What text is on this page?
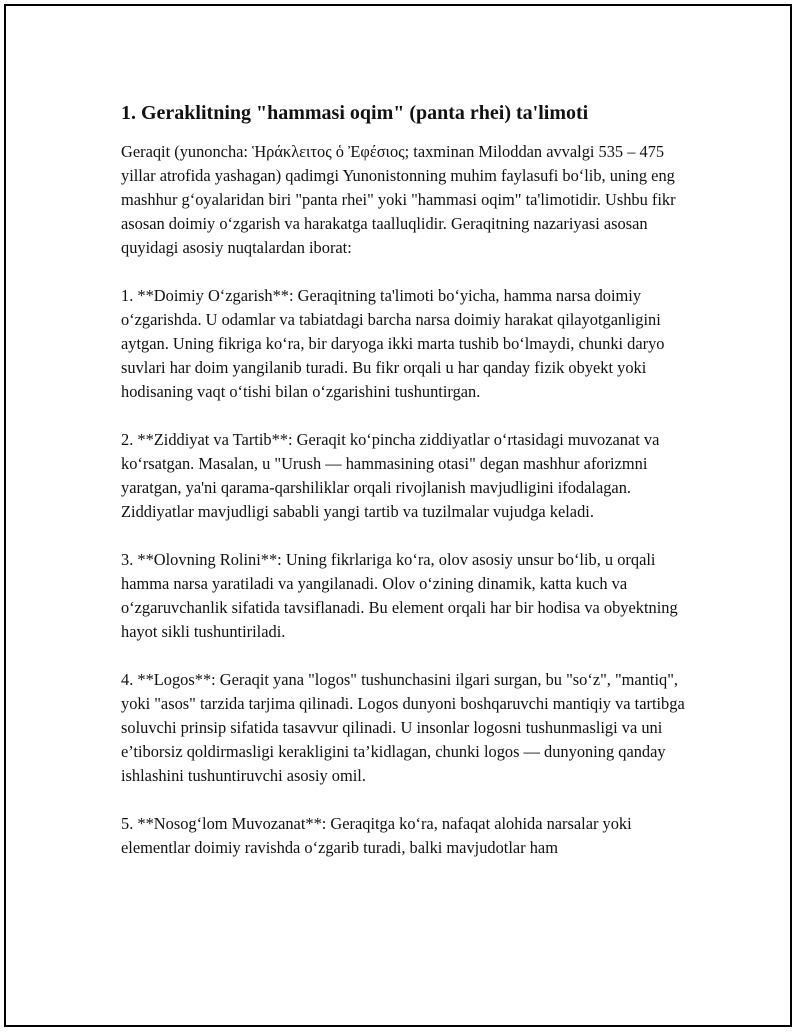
1. Geraklitning "hammasi oqim" (panta rhei) ta'limoti

Geraqit (yunoncha: Ἡράκλειτος ὁ Ἐφέσιος; taxminan Miloddan avvalgi 535 – 475 yillar atrofida yashagan) qadimgi Yunonistonning muhim faylasufi boʻlib, uning eng mashhur gʻoyalaridan biri "panta rhei" yoki "hammasi oqim" ta'limotidir. Ushbu fikr asosan doimiy oʻzgarish va harakatga taalluqlidir. Geraqitning nazariyasi asosan quyidagi asosiy nuqtalardan iborat:

1. **Doimiy Oʻzgarish**: Geraqitning ta'limoti boʻyicha, hamma narsa doimiy oʻzgarishda. U odamlar va tabiatdagi barcha narsa doimiy harakat qilayotganligini aytgan. Uning fikriga koʻra, bir daryoga ikki marta tushib boʻlmaydi, chunki daryo suvlari har doim yangilanib turadi. Bu fikr orqali u har qanday fizik obyekt yoki hodisaning vaqt oʻtishi bilan oʻzgarishini tushuntirgan.

2. **Ziddiyat va Tartib**: Geraqit koʻpincha ziddiyatlar oʻrtasidagi muvozanat va koʻrsatgan. Masalan, u "Urush — hammasining otasi" degan mashhur aforizmni yaratgan, ya'ni qarama-qarshiliklar orqali rivojlanish mavjudligini ifodalagan. Ziddiyatlar mavjudligi sababli yangi tartib va tuzilmalar vujudga keladi.

3. **Olovning Rolini**: Uning fikrlariga koʻra, olov asosiy unsur boʻlib, u orqali hamma narsa yaratiladi va yangilanadi. Olov oʻzining dinamik, katta kuch va oʻzgaruvchanlik sifatida tavsiflanadi. Bu element orqali har bir hodisa va obyektning hayot sikli tushuntiriladi.

4. **Logos**: Geraqit yana "logos" tushunchasini ilgari surgan, bu "soʻz", "mantiq", yoki "asos" tarzida tarjima qilinadi. Logos dunyoni boshqaruvchi mantiqiy va tartibga soluvchi prinsip sifatida tasavvur qilinadi. U insonlar logosni tushunmasligi va uni e’tiborsiz qoldirmasligi kerakligini ta’kidlagan, chunki logos — dunyoning qanday ishlashini tushuntiruvchi asosiy omil.

5. **Nosogʻlom Muvozanat**: Geraqitga koʻra, nafaqat alohida narsalar yoki elementlar doimiy ravishda oʻzgarib turadi, balki mavjudotlar ham
